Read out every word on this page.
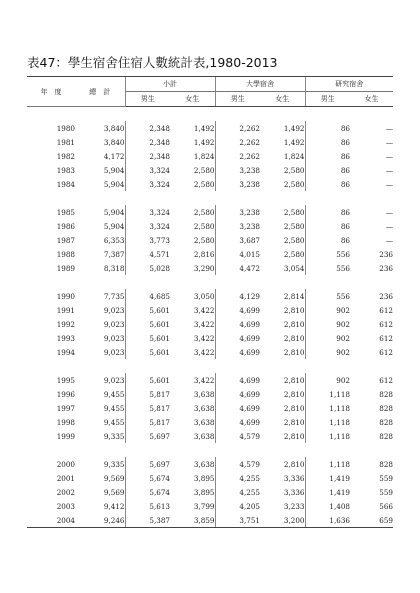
表47：學生宿舍住宿人數統計表,1980-2013
年　度	總　計	小計		大學宿舍		研究宿舍	
		男生	女生	男生	女生	男生	女生

1980	3,840	2,348	1,492	2,262	1,492	86	—
1981	3,840	2,348	1,492	2,262	1,492	86	—
1982	4,172	2,348	1,824	2,262	1,824	86	—
1983	5,904	3,324	2,580	3,238	2,580	86	—
1984	5,904	3,324	2,580	3,238	2,580	86	—

1985	5,904	3,324	2,580	3,238	2,580	86	—
1986	5,904	3,324	2,580	3,238	2,580	86	—
1987	6,353	3,773	2,580	3,687	2,580	86	—
1988	7,387	4,571	2,816	4,015	2,580	556	236
1989	8,318	5,028	3,290	4,472	3,054	556	236

1990	7,735	4,685	3,050	4,129	2,814	556	236
1991	9,023	5,601	3,422	4,699	2,810	902	612
1992	9,023	5,601	3,422	4,699	2,810	902	612
1993	9,023	5,601	3,422	4,699	2,810	902	612
1994	9,023	5,601	3,422	4,699	2,810	902	612

1995	9,023	5,601	3,422	4,699	2,810	902	612
1996	9,455	5,817	3,638	4,699	2,810	1,118	828
1997	9,455	5,817	3,638	4,699	2,810	1,118	828
1998	9,455	5,817	3,638	4,699	2,810	1,118	828
1999	9,335	5,697	3,638	4,579	2,810	1,118	828

2000	9,335	5,697	3,638	4,579	2,810	1,118	828
2001	9,569	5,674	3,895	4,255	3,336	1,419	559
2002	9,569	5,674	3,895	4,255	3,336	1,419	559
2003	9,412	5,613	3,799	4,205	3,233	1,408	566
2004	9,246	5,387	3,859	3,751	3,200	1,636	659
